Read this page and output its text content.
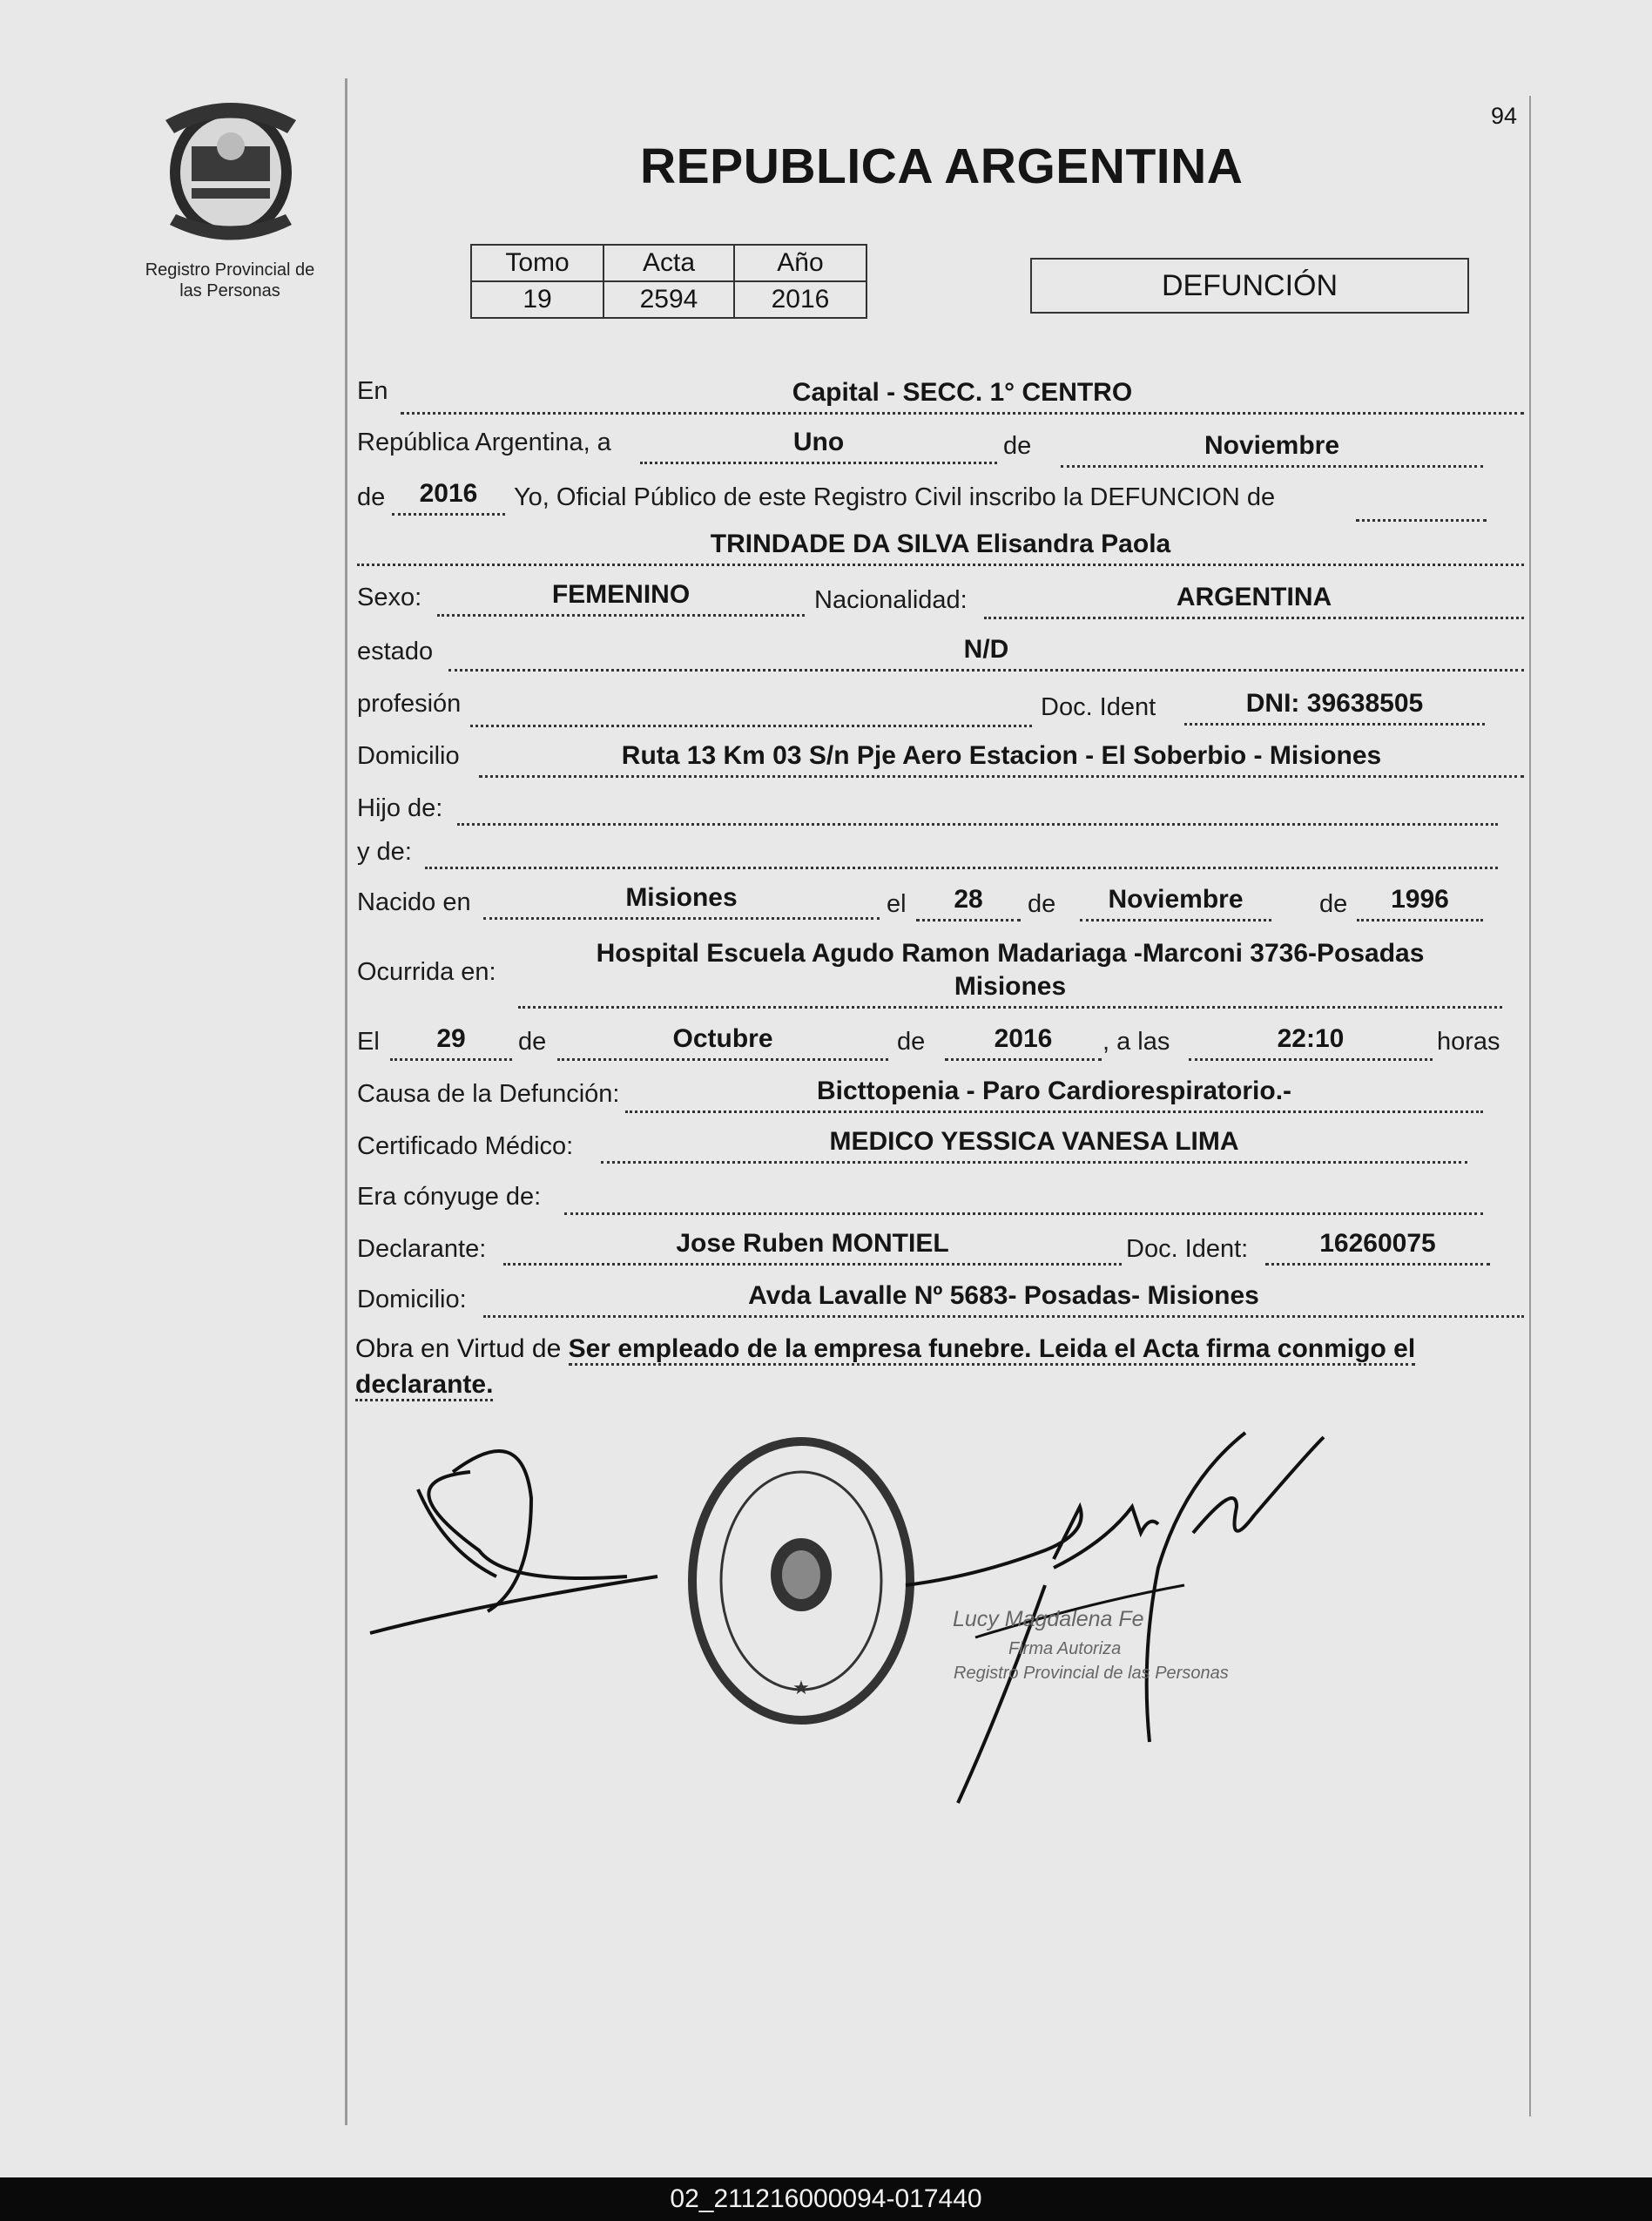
Registro Provincial de
las Personas
94
REPUBLICA ARGENTINA
Tomo	Acta	Año
19	2594	2016	DEFUNCIÓN
En	Capital - SECC. 1° CENTRO
República Argentina, a	Uno	de	Noviembre
de	2016	Yo, Oficial Público de este Registro Civil inscribo la DEFUNCION de
TRINDADE DA SILVA Elisandra Paola
Sexo:	FEMENINO	Nacionalidad:	ARGENTINA
estado	N/D
profesión	Doc. Ident	DNI: 39638505
Domicilio	Ruta 13 Km 03 S/n Pje Aero Estacion - El Soberbio - Misiones
Hijo de:
y de:
Nacido en	Misiones	el	28	de	Noviembre	de	1996
Ocurrida en:
Hospital Escuela Agudo Ramon Madariaga -Marconi 3736-Posadas
Misiones
El	29	de	Octubre	de	2016	, a las	22:10	horas
Causa de la Defunción:	Bicttopenia - Paro Cardiorespiratorio.-
Certificado Médico:	MEDICO YESSICA VANESA LIMA
Era cónyuge de:
Declarante:	Jose Ruben MONTIEL	Doc. Ident:	16260075
Domicilio:	Avda Lavalle Nº 5683- Posadas- Misiones
Obra en Virtud de Ser empleado de la empresa funebre. Leida el Acta firma conmigo el declarante.
★
Lucy Magdalena Fe
Firma Autoriza
Registro Provincial de las Personas
02_211216000094-017440
